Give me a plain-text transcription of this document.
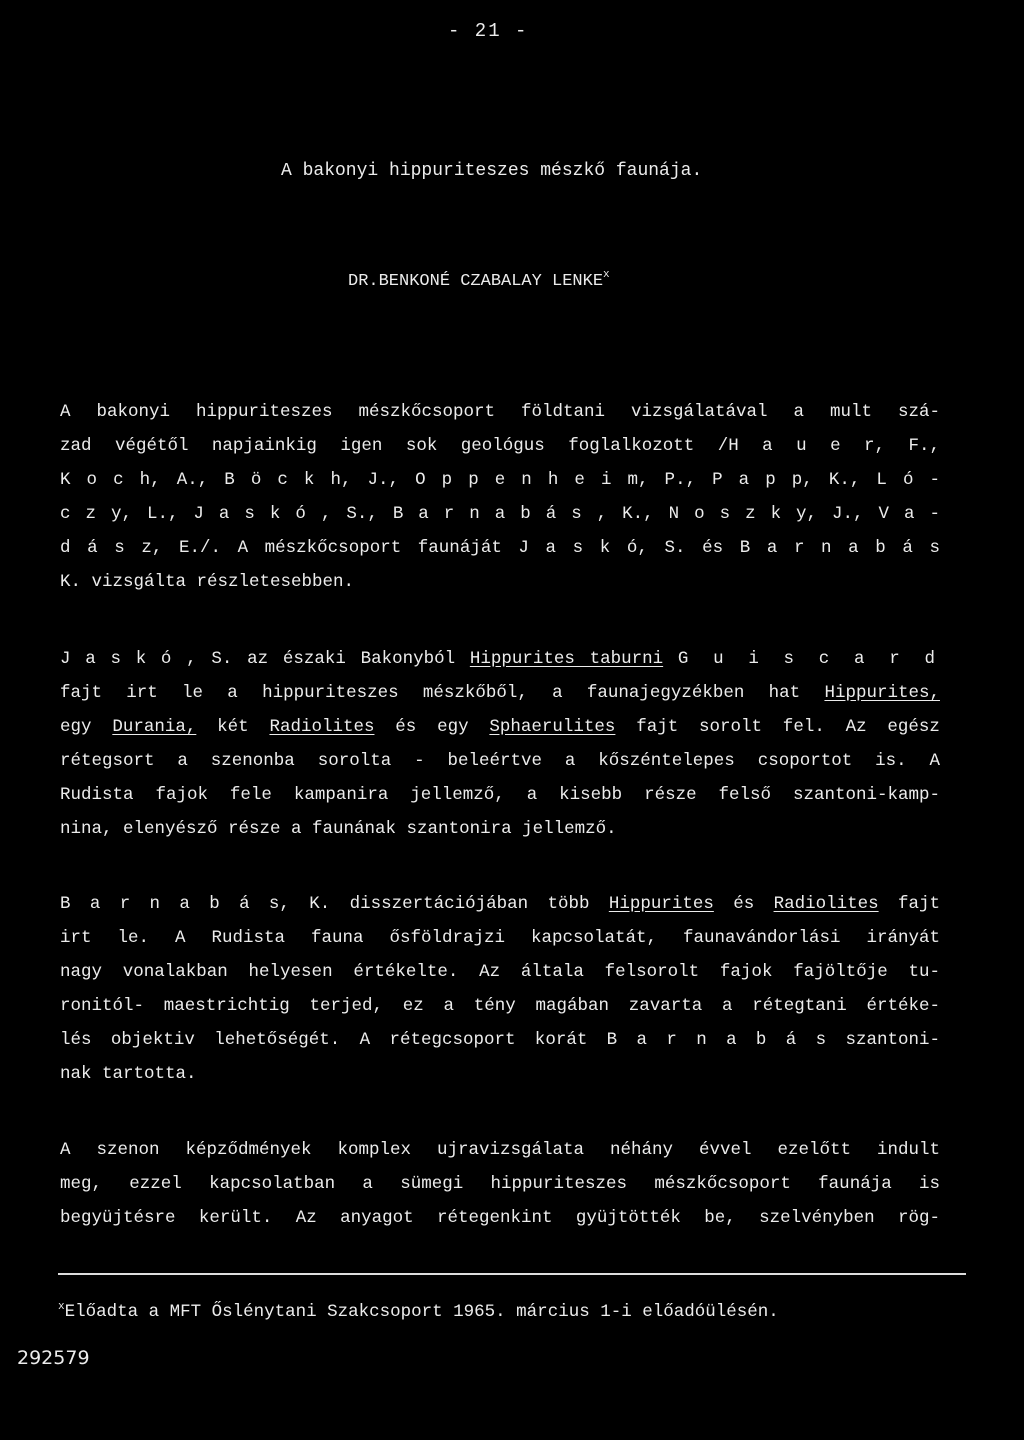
- 21 -
A bakonyi hippuriteszes mészkő faunája.
DR.BENKONÉ CZABALAY LENKE$^x$
A bakonyi hippuriteszes mészkőcsoport földtani vizsgálatával a mult szá-
zad végétől napjainkig igen sok geológus foglalkozott /H a u e r, F.,
K o c h, A., B ö c k h, J., O p p e n h e i m, P., P a p p, K., L ó -
c z y, L., J a s k ó , S., B a r n a b á s , K., N o s z k y, J., V a -
d á s z, E./. A mészkőcsoport faunáját J a s k ó, S. és B a r n a b á s
K. vizsgálta részletesebben.
J a s k ó , S. az északi Bakonyból Hippurites taburni G u i s c a r d
fajt irt le a hippuriteszes mészkőből, a faunajegyzékben hat Hippurites,
egy Durania, két Radiolites és egy Sphaerulites fajt sorolt fel. Az egész
rétegsort a szenonba sorolta - beleértve a kőszéntelepes csoportot is. A
Rudista fajok fele kampanira jellemző, a kisebb része felső szantoni-kamp-
nina, elenyésző része a faunának szantonira jellemző.
B a r n a b á s, K. disszertációjában több Hippurites és Radiolites fajt
irt le. A Rudista fauna ősföldrajzi kapcsolatát, faunavándorlási irányát
nagy vonalakban helyesen értékelte. Az általa felsorolt fajok fajöltője tu-
ronitól- maestrichtig terjed, ez a tény magában zavarta a rétegtani értéke-
lés objektiv lehetőségét. A rétegcsoport korát B a r n a b á s szantoni-
nak tartotta.
A szenon képződmények komplex ujravizsgálata néhány évvel ezelőtt indult
meg, ezzel kapcsolatban a sümegi hippuriteszes mészkőcsoport faunája is
begyüjtésre került. Az anyagot rétegenkint gyüjtötték be, szelvényben rög-
$^x$Előadta a MFT Őslénytani Szakcsoport 1965. március 1-i előadóülésén.
292579
